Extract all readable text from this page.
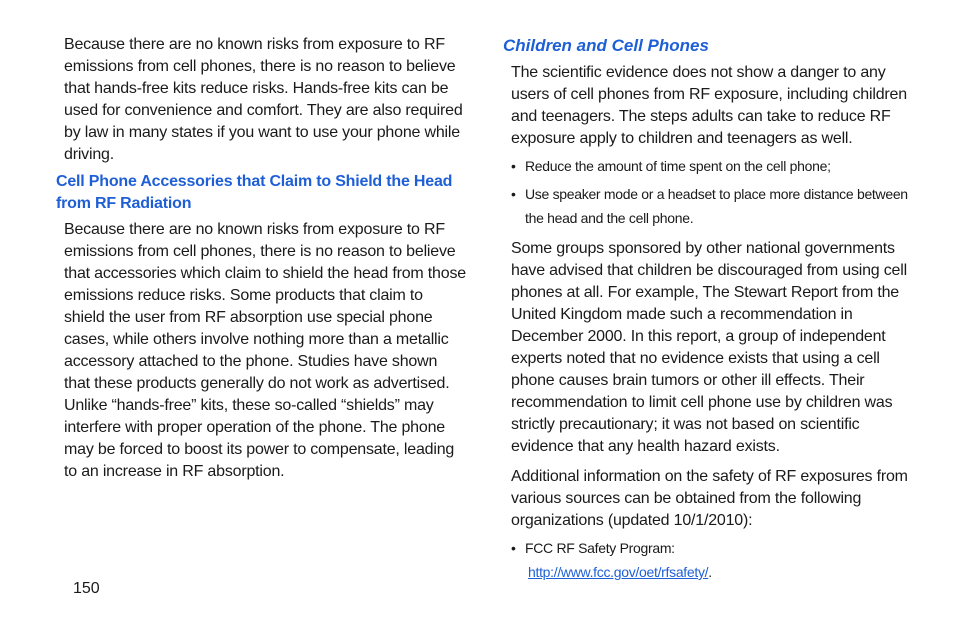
Because there are no known risks from exposure to RF emissions from cell phones, there is no reason to believe that hands-free kits reduce risks. Hands-free kits can be used for convenience and comfort. They are also required by law in many states if you want to use your phone while driving.

Cell Phone Accessories that Claim to Shield the Head from RF Radiation

Because there are no known risks from exposure to RF emissions from cell phones, there is no reason to believe that accessories which claim to shield the head from those emissions reduce risks. Some products that claim to shield the user from RF absorption use special phone cases, while others involve nothing more than a metallic accessory attached to the phone. Studies have shown that these products generally do not work as advertised. Unlike “hands-free” kits, these so-called “shields” may interfere with proper operation of the phone. The phone may be forced to boost its power to compensate, leading to an increase in RF absorption.

Children and Cell Phones

The scientific evidence does not show a danger to any users of cell phones from RF exposure, including children and teenagers. The steps adults can take to reduce RF exposure apply to children and teenagers as well.

• Reduce the amount of time spent on the cell phone;
• Use speaker mode or a headset to place more distance between the head and the cell phone.

Some groups sponsored by other national governments have advised that children be discouraged from using cell phones at all. For example, The Stewart Report from the United Kingdom made such a recommendation in December 2000. In this report, a group of independent experts noted that no evidence exists that using a cell phone causes brain tumors or other ill effects. Their recommendation to limit cell phone use by children was strictly precautionary; it was not based on scientific evidence that any health hazard exists.

Additional information on the safety of RF exposures from various sources can be obtained from the following organizations (updated 10/1/2010):

• FCC RF Safety Program:
http://www.fcc.gov/oet/rfsafety/.
150
